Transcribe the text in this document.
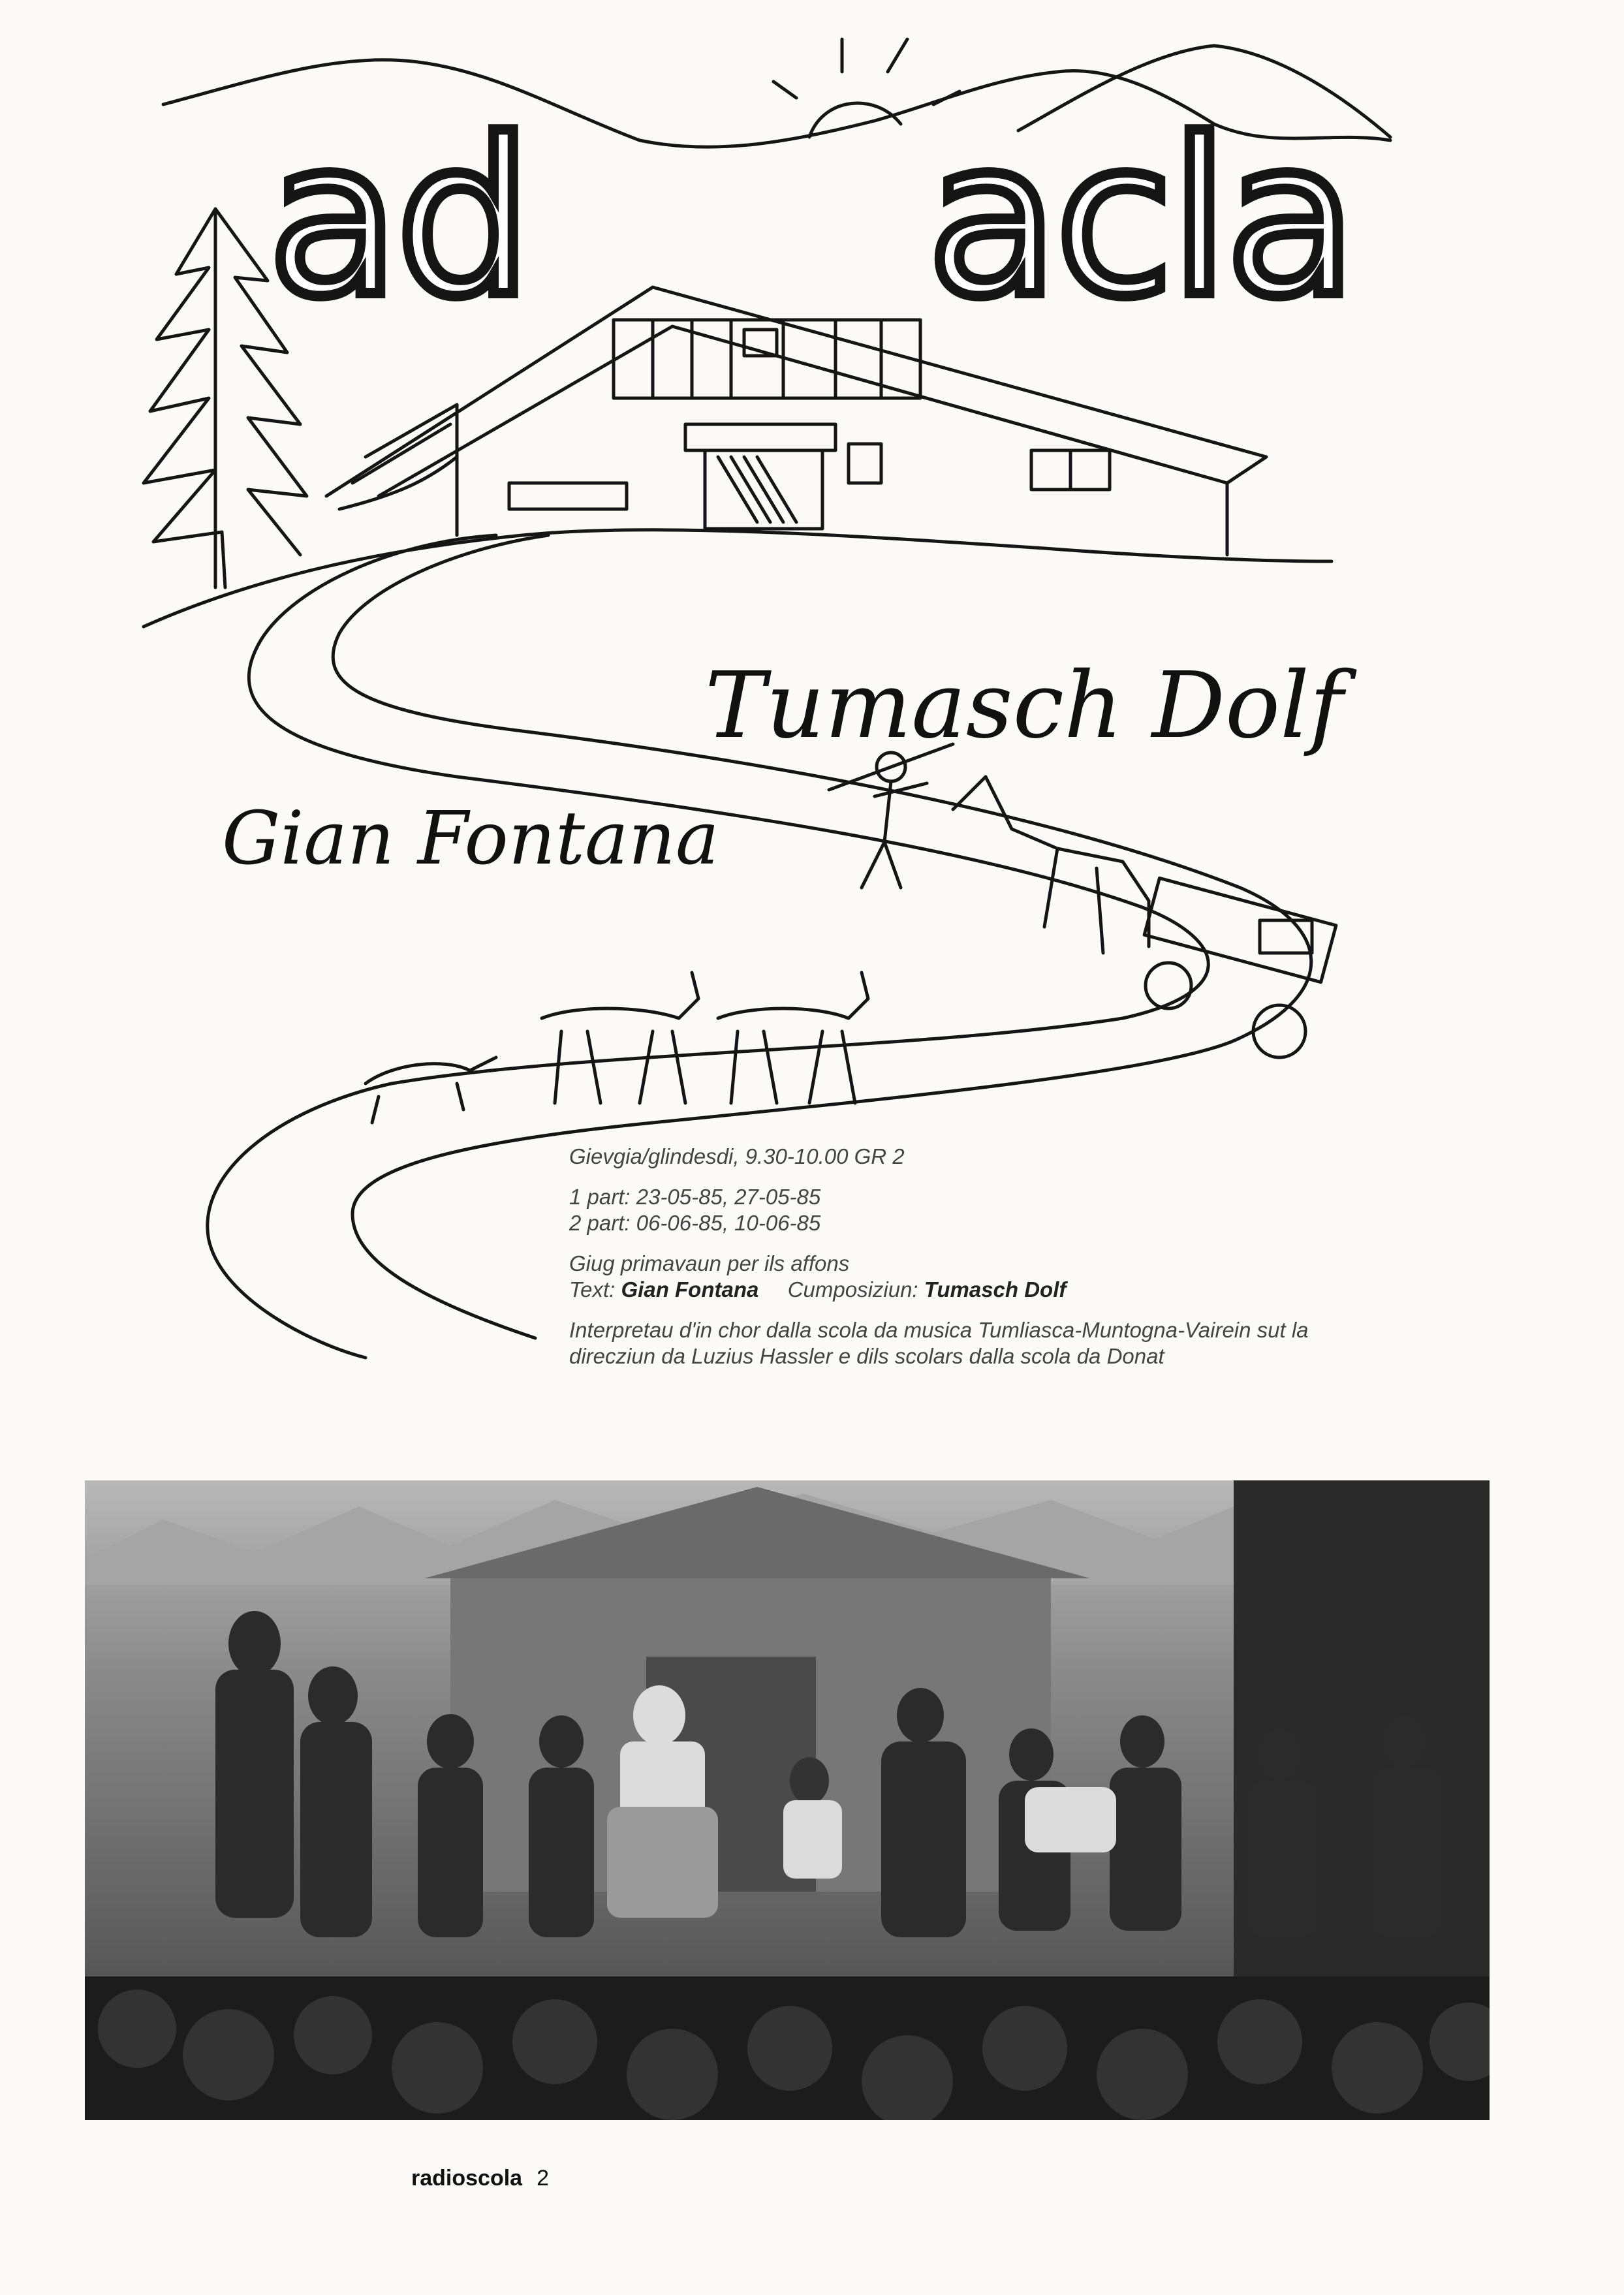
ad acla
Tumasch Dolf
Gian Fontana
Gievgia/glindesdi, 9.30-10.00 GR 2
1 part: 23-05-85, 27-05-85
2 part: 06-06-85, 10-06-85
Giug primavaun per ils affons
Text: Gian Fontana Cumposiziun: Tumasch Dolf
Interpretau d'in chor dalla scola da musica Tumliasca-Muntogna-Vairein sut la
direcziun da Luzius Hassler e dils scolars dalla scola da Donat
radioscola 2
